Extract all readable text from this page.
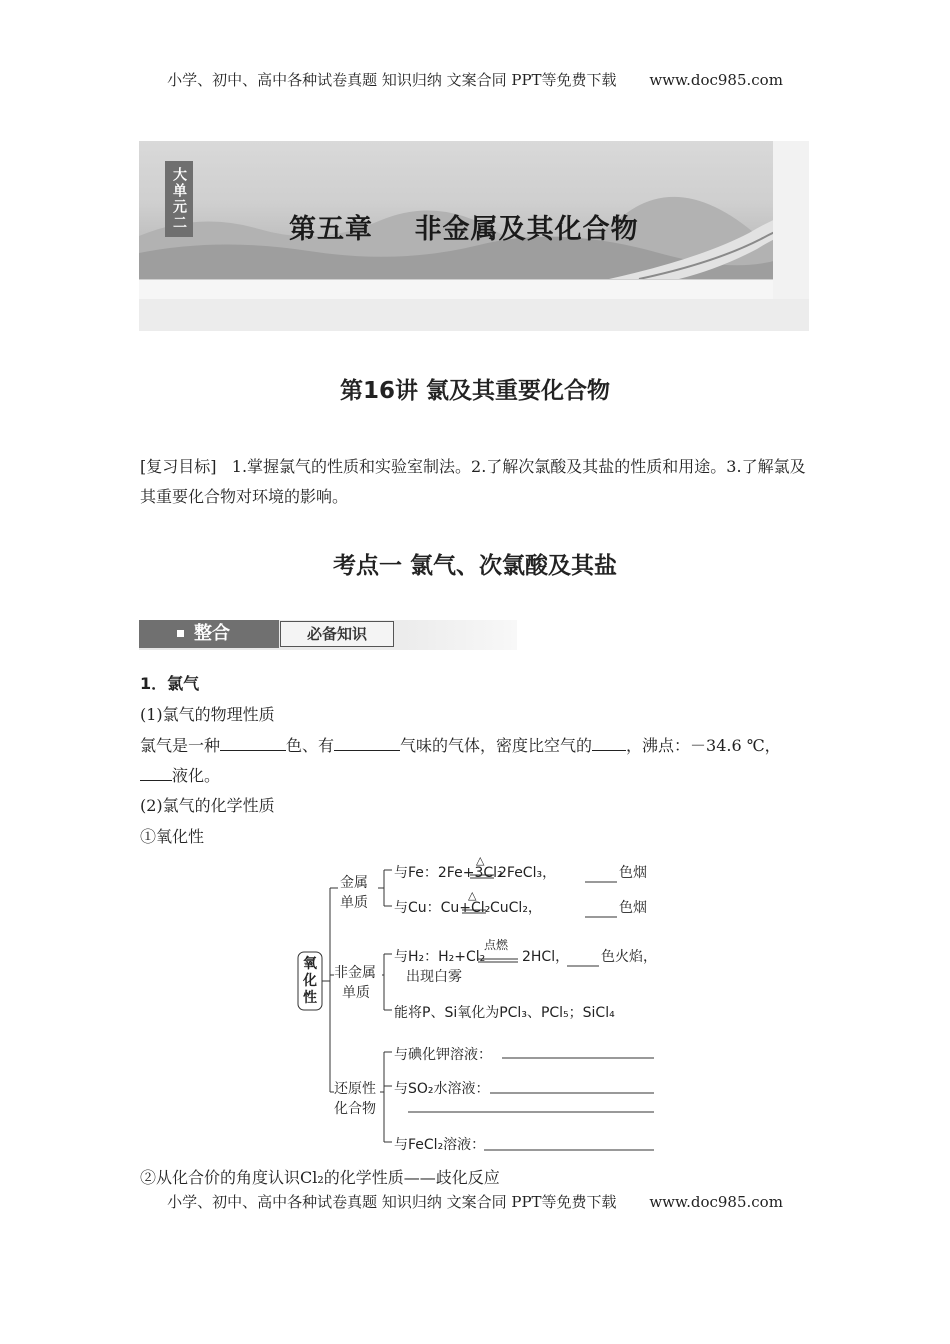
小学、初中、高中各种试卷真题 知识归纳 文案合同 PPT等免费下载 www.doc985.com
大单元二	第五章    非金属及其化合物
第16讲 氯及其重要化合物
[复习目标] 1.掌握氯气的性质和实验室制法。2.了解次氯酸及其盐的性质和用途。3.了解氯及其重要化合物对环境的影响。
考点一 氯气、次氯酸及其盐
整合	必备知识
1．氯气
(1)氯气的物理性质
氯气是一种	色、有	气味的气体，密度比空气的 ，沸点：－34.6 ℃，
液化。
(2)氯气的化学性质
①氧化性
氧化性
金属
单质
非金属
单质
还原性
化合物
与Fe：2Fe+3Cl₂
△
2FeCl₃，	色烟
与Cu：Cu+Cl₂
△
CuCl₂，	色烟
与H₂：H₂+Cl₂
点燃
2HCl， 色火焰，
出现白雾
能将P、Si氧化为PCl₃、PCl₅；SiCl₄
与碘化钾溶液：
与SO₂水溶液：
与FeCl₂溶液：
②从化合价的角度认识Cl₂的化学性质——歧化反应
小学、初中、高中各种试卷真题 知识归纳 文案合同 PPT等免费下载 www.doc985.com
